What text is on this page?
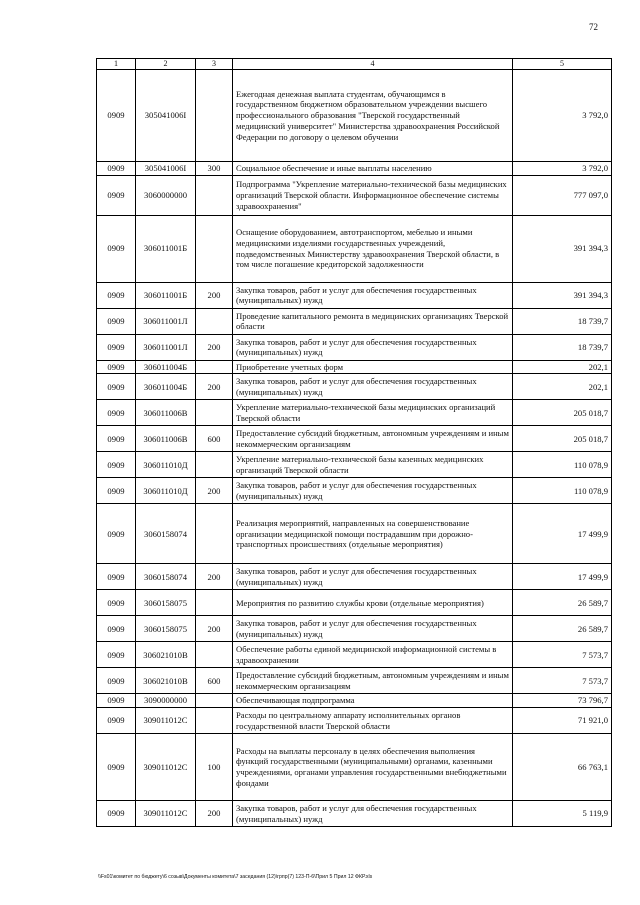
72
1	2	3	4	5
0909	305041006I		Ежегодная денежная выплата студентам, обучающимся в государственном бюджетном образовательном учреждении высшего профессионального образования "Тверской государственный медицинский университет" Министерства здравоохранения Российской Федерации по договору о целевом обучении	3 792,0
0909	305041006I	300	Социальное обеспечение и иные выплаты населению	3 792,0
0909	3060000000		Подпрограмма "Укрепление материально-технической базы медицинских организаций Тверской области. Информационное обеспечение системы здравоохранения"	777 097,0
0909	306011001Б		Оснащение оборудованием, автотранспортом, мебелью и иными медицинскими изделиями государственных учреждений, подведомственных Министерству здравоохранения Тверской области, в том числе погашение кредиторской задолженности	391 394,3
0909	306011001Б	200	Закупка товаров, работ и услуг для обеспечения государственных (муниципальных) нужд	391 394,3
0909	306011001Л		Проведение капитального ремонта в медицинских организациях Тверской области	18 739,7
0909	306011001Л	200	Закупка товаров, работ и услуг для обеспечения государственных (муниципальных) нужд	18 739,7
0909	306011004Б		Приобретение учетных форм	202,1
0909	306011004Б	200	Закупка товаров, работ и услуг для обеспечения государственных (муниципальных) нужд	202,1
0909	306011006В		Укрепление материально-технической базы медицинских организаций Тверской области	205 018,7
0909	306011006В	600	Предоставление субсидий бюджетным, автономным учреждениям и иным некоммерческим организациям	205 018,7
0909	306011010Д		Укрепление материально-технической базы казенных медицинских организаций Тверской области	110 078,9
0909	306011010Д	200	Закупка товаров, работ и услуг для обеспечения государственных (муниципальных) нужд	110 078,9
0909	3060158074		Реализация мероприятий, направленных на совершенствование организации медицинской помощи пострадавшим при дорожно-транспортных происшествиях (отдельные мероприятия)	17 499,9
0909	3060158074	200	Закупка товаров, работ и услуг для обеспечения государственных (муниципальных) нужд	17 499,9
0909	3060158075		Мероприятия по развитию службы крови (отдельные мероприятия)	26 589,7
0909	3060158075	200	Закупка товаров, работ и услуг для обеспечения государственных (муниципальных) нужд	26 589,7
0909	306021010В		Обеспечение работы единой медицинской информационной системы в здравоохранении	7 573,7
0909	306021010В	600	Предоставление субсидий бюджетным, автономным учреждениям и иным некоммерческим организациям	7 573,7
0909	3090000000		Обеспечивающая подпрограмма	73 796,7
0909	309011012С		Расходы по центральному аппарату исполнительных органов государственной власти Тверской области	71 921,0
0909	309011012С	100	Расходы на выплаты персоналу в целях обеспечения выполнения функций государственными (муниципальными) органами, казенными учреждениями, органами управления государственными внебюджетными фондами	66 763,1
0909	309011012С	200	Закупка товаров, работ и услуг для обеспечения государственных (муниципальных) нужд	5 119,9
\\Fs01\комитет по бюджету\6 созыв\Документы комитета\7 заседания (12)\грпр(7) 123-П-6\Прил 5 Прил 12 ФКР.xls
